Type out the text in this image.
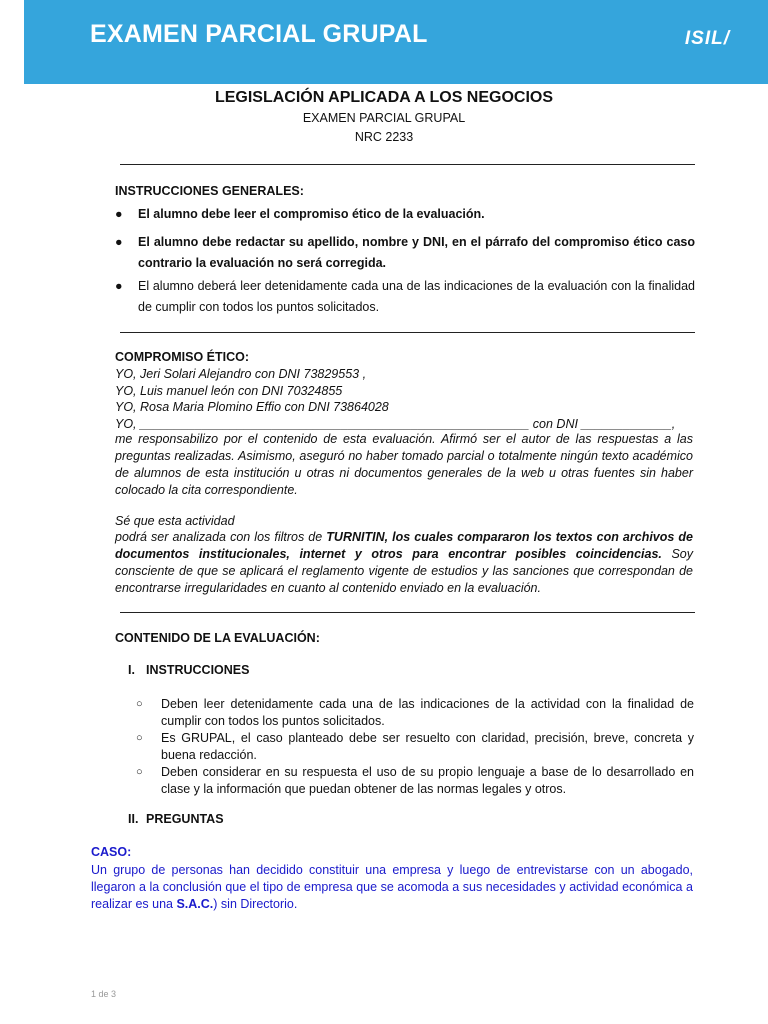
EXAMEN PARCIAL GRUPAL	ISIL/
LEGISLACIÓN APLICADA A LOS NEGOCIOS
EXAMEN PARCIAL GRUPAL
NRC 2233
INSTRUCCIONES GENERALES:
● El alumno debe leer el compromiso ético de la evaluación.
● El alumno debe redactar su apellido, nombre y DNI, en el párrafo del compromiso ético caso contrario la evaluación no será corregida.
● El alumno deberá leer detenidamente cada una de las indicaciones de la evaluación con la finalidad de cumplir con todos los puntos solicitados.
COMPROMISO ÉTICO:
YO, Jeri Solari Alejandro con DNI 73829553 ,
YO, Luis manuel león con DNI 70324855
YO, Rosa Maria Plomino Effio con DNI 73864028
YO, ________________________________________________________ con DNI _____________,
me responsabilizo por el contenido de esta evaluación. Afirmó ser el autor de las respuestas a las preguntas realizadas. Asimismo, aseguró no haber tomado parcial o totalmente ningún texto académico de alumnos de esta institución u otras ni documentos generales de la web u otras fuentes sin haber colocado la cita correspondiente.
Sé que esta actividad
podrá ser analizada con los filtros de TURNITIN, los cuales compararon los textos con archivos de documentos institucionales, internet y otros para encontrar posibles coincidencias. Soy consciente de que se aplicará el reglamento vigente de estudios y las sanciones que correspondan de encontrarse irregularidades en cuanto al contenido enviado en la evaluación.
CONTENIDO DE LA EVALUACIÓN:
I. INSTRUCCIONES
○ Deben leer detenidamente cada una de las indicaciones de la actividad con la finalidad de cumplir con todos los puntos solicitados.
○ Es GRUPAL, el caso planteado debe ser resuelto con claridad, precisión, breve, concreta y buena redacción.
○ Deben considerar en su respuesta el uso de su propio lenguaje a base de lo desarrollado en clase y la información que puedan obtener de las normas legales y otros.
II. PREGUNTAS
CASO:
Un grupo de personas han decidido constituir una empresa y luego de entrevistarse con un abogado, llegaron a la conclusión que el tipo de empresa que se acomoda a sus necesidades y actividad económica a realizar es una S.A.C.) sin Directorio.
1 de 3
